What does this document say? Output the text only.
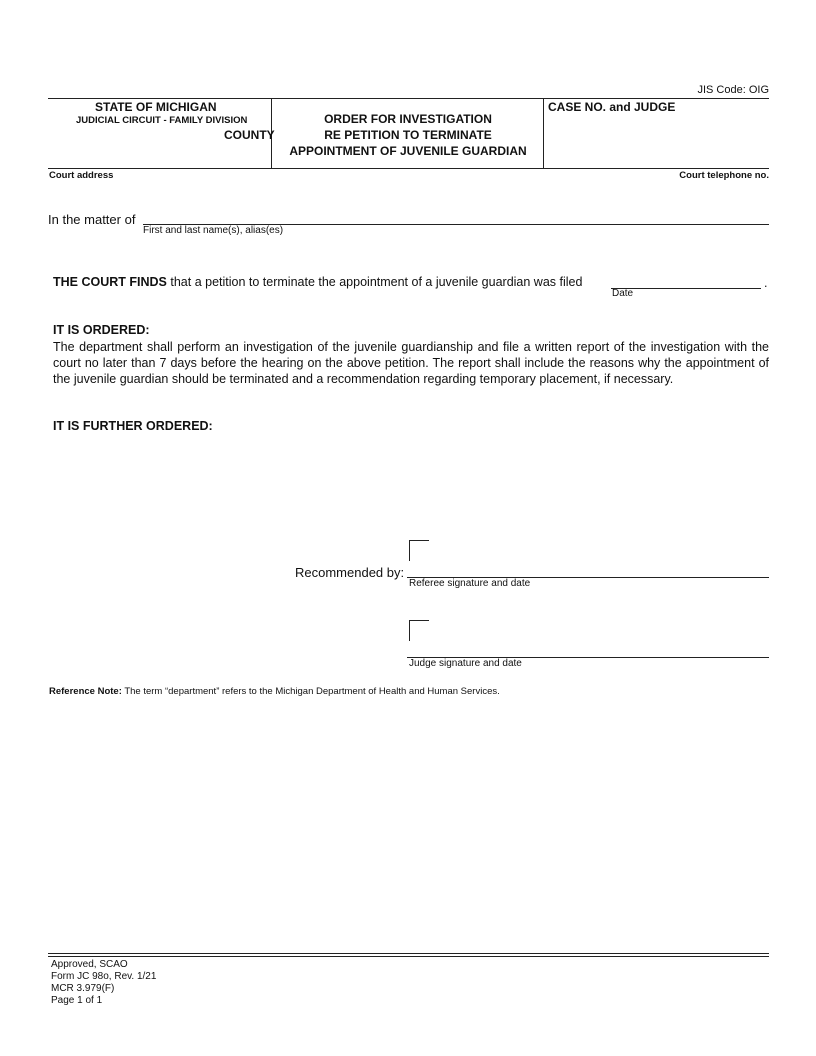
JIS Code: OIG
STATE OF MICHIGAN
JUDICIAL CIRCUIT - FAMILY DIVISION
COUNTY
ORDER FOR INVESTIGATION
RE PETITION TO TERMINATE
APPOINTMENT OF JUVENILE GUARDIAN
CASE NO. and JUDGE
Court address	Court telephone no.
In the matter of
First and last name(s), alias(es)
THE COURT FINDS that a petition to terminate the appointment of a juvenile guardian was filed	.
Date
IT IS ORDERED:
The department shall perform an investigation of the juvenile guardianship and file a written report of the investigation with the court no later than 7 days before the hearing on the above petition. The report shall include the reasons why the appointment of the juvenile guardian should be terminated and a recommendation regarding temporary placement, if necessary.
IT IS FURTHER ORDERED:
Recommended by:
Referee signature and date
Judge signature and date
Reference Note: The term “department” refers to the Michigan Department of Health and Human Services.
Approved, SCAO
Form JC 98o, Rev. 1/21
MCR 3.979(F)
Page 1 of 1
